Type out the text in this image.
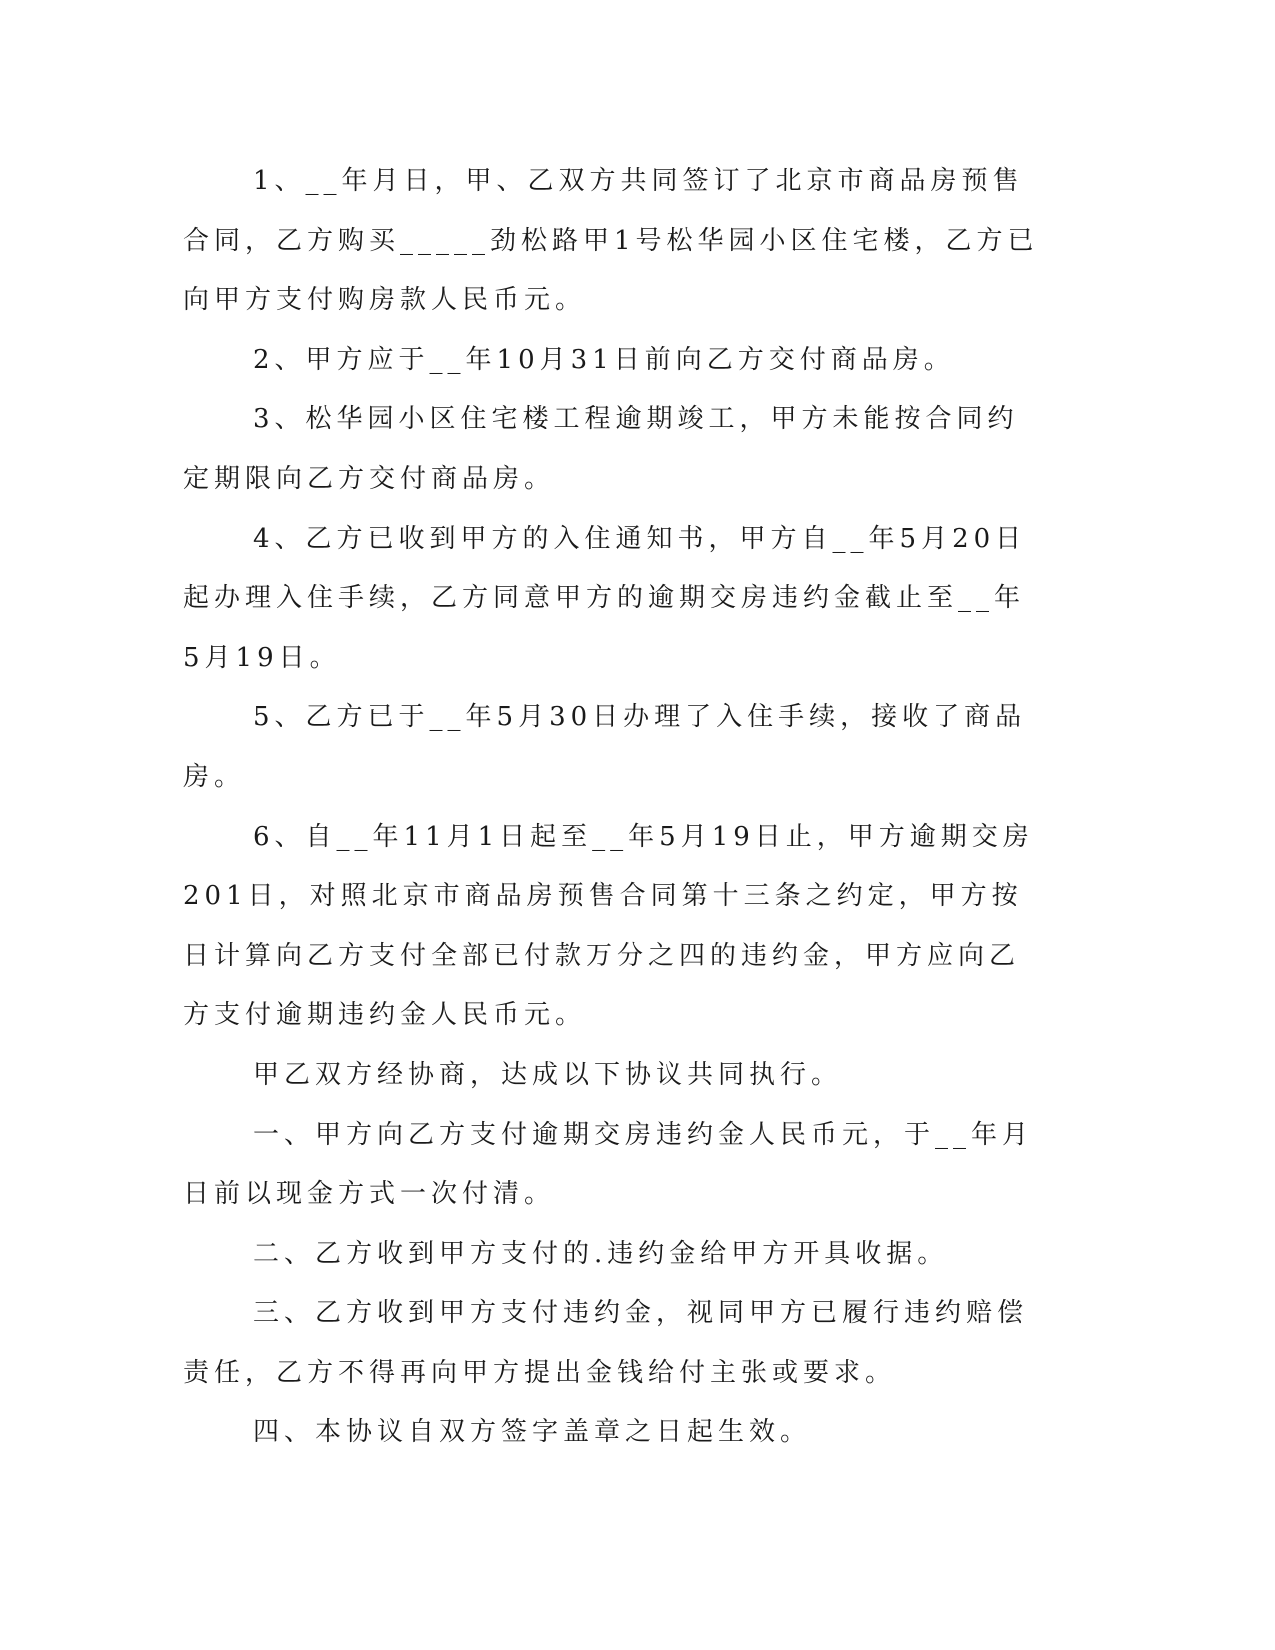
1、__年月日，甲、乙双方共同签订了北京市商品房预售合同，乙方购买_____劲松路甲1号松华园小区住宅楼，乙方已向甲方支付购房款人民币元。

2、甲方应于__年10月31日前向乙方交付商品房。

3、松华园小区住宅楼工程逾期竣工，甲方未能按合同约定期限向乙方交付商品房。

4、乙方已收到甲方的入住通知书，甲方自__年5月20日起办理入住手续，乙方同意甲方的逾期交房违约金截止至__年5月19日。

5、乙方已于__年5月30日办理了入住手续，接收了商品房。

6、自__年11月1日起至__年5月19日止，甲方逾期交房201日，对照北京市商品房预售合同第十三条之约定，甲方按日计算向乙方支付全部已付款万分之四的违约金，甲方应向乙方支付逾期违约金人民币元。

甲乙双方经协商，达成以下协议共同执行。

一、甲方向乙方支付逾期交房违约金人民币元，于__年月日前以现金方式一次付清。

二、乙方收到甲方支付的.违约金给甲方开具收据。

三、乙方收到甲方支付违约金，视同甲方已履行违约赔偿责任，乙方不得再向甲方提出金钱给付主张或要求。

四、本协议自双方签字盖章之日起生效。
